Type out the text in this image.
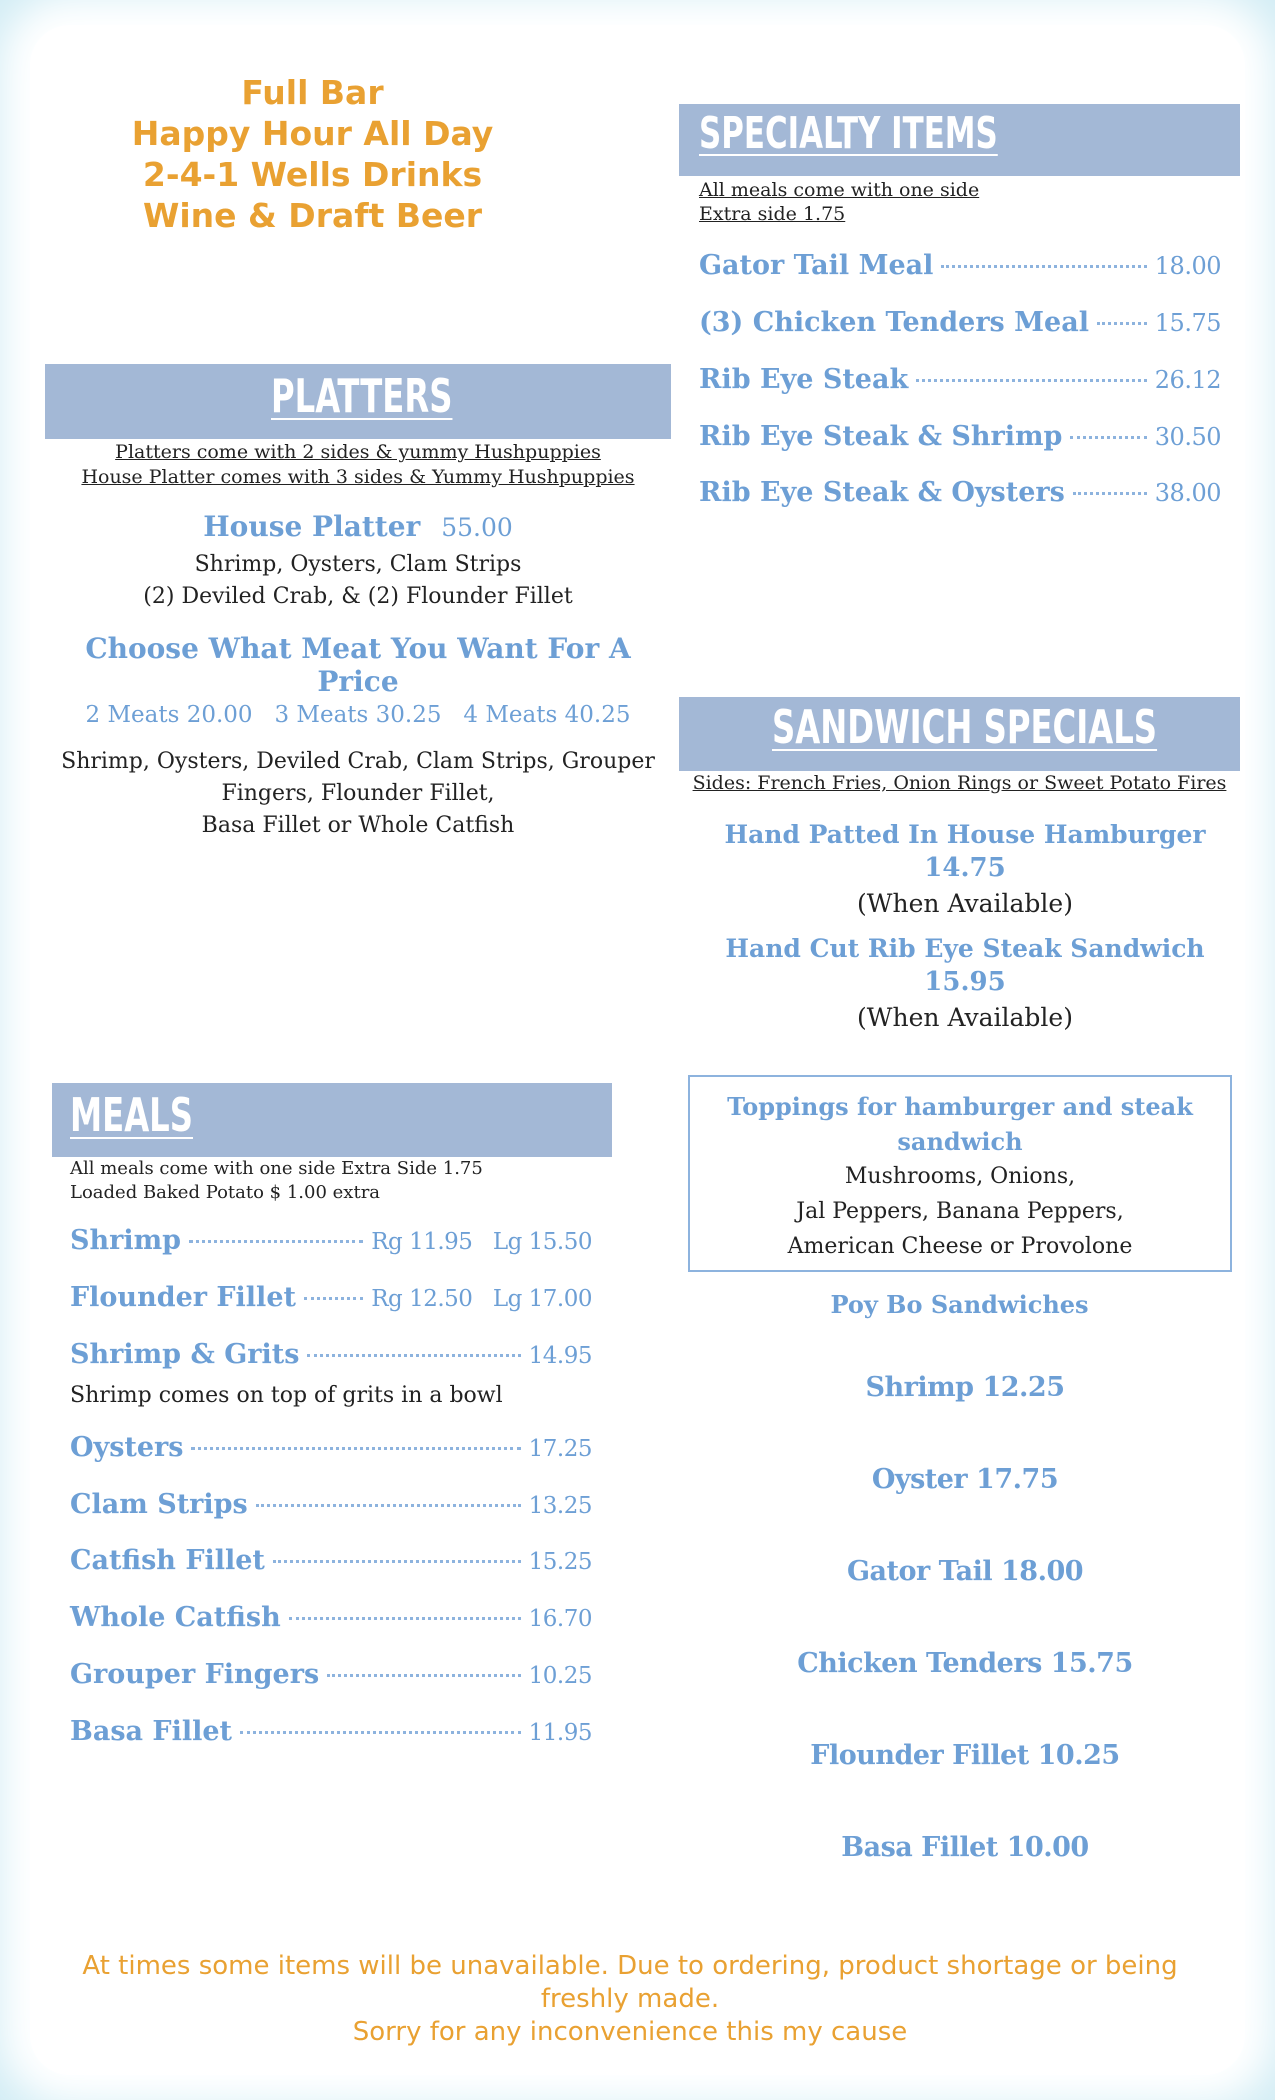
Full Bar
Happy Hour All Day
2-4-1 Wells Drinks
Wine & Draft Beer
SPECIALTY ITEMS
All meals come with one side
Extra side 1.75
Gator Tail Meal	18.00
(3) Chicken Tenders Meal	15.75
Rib Eye Steak	26.12
Rib Eye Steak & Shrimp	30.50
Rib Eye Steak & Oysters	38.00
PLATTERS
Platters come with 2 sides & yummy Hushpuppies
House Platter comes with 3 sides & Yummy Hushpuppies
House Platter 55.00
Shrimp, Oysters, Clam Strips
(2) Deviled Crab, & (2) Flounder Fillet
Choose What Meat You Want For A Price
2 Meats 20.00   3 Meats 30.25   4 Meats 40.25
Shrimp, Oysters, Deviled Crab, Clam Strips, Grouper
Fingers, Flounder Fillet,
Basa Fillet or Whole Catfish
SANDWICH SPECIALS
Sides: French Fries, Onion Rings or Sweet Potato Fires
Hand Patted In House Hamburger
14.75
(When Available)
Hand Cut Rib Eye Steak Sandwich
15.95
(When Available)
Toppings for hamburger and steak
sandwich
Mushrooms, Onions,
Jal Peppers, Banana Peppers,
American Cheese or Provolone
Poy Bo Sandwiches
Shrimp 12.25
Oyster 17.75
Gator Tail 18.00
Chicken Tenders 15.75
Flounder Fillet 10.25
Basa Fillet 10.00
MEALS
All meals come with one side Extra Side 1.75
Loaded Baked Potato $ 1.00 extra
Shrimp	Rg 11.95   Lg 15.50
Flounder Fillet	Rg 12.50   Lg 17.00
Shrimp & Grits	14.95
Shrimp comes on top of grits in a bowl
Oysters	17.25
Clam Strips	13.25
Catfish Fillet	15.25
Whole Catfish	16.70
Grouper Fingers	10.25
Basa Fillet	11.95
At times some items will be unavailable. Due to ordering, product shortage or being
freshly made.
Sorry for any inconvenience this my cause
